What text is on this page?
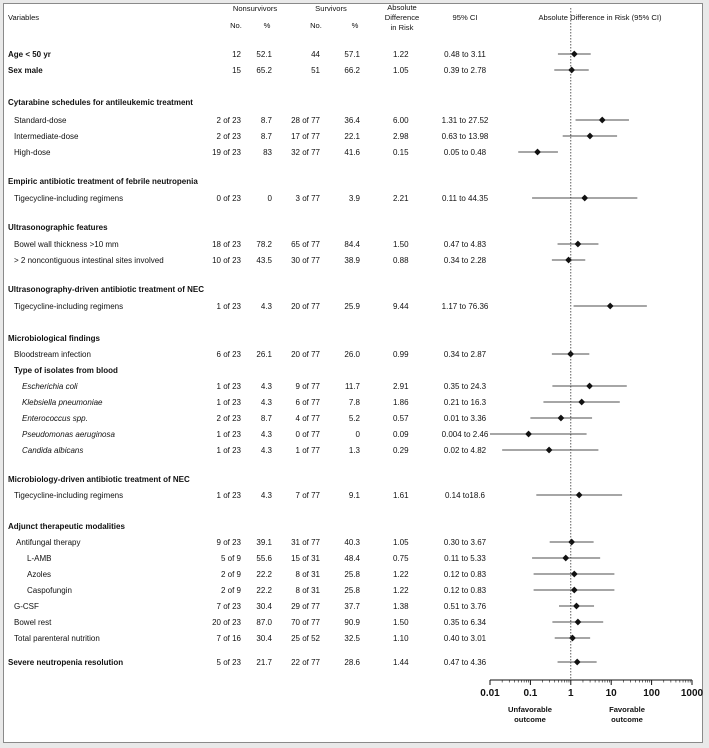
Variables
Nonsurvivors
No.	%
Survivors
No.	%
Absolute
Difference
in Risk
95% CI	Absolute Difference in Risk (95% CI)
Age < 50 yr	12 52.1	44	57.1	1.22	0.48 to 3.11
Sex male	15 65.2	51	66.2	1.05	0.39 to 2.78
Cytarabine schedules for antileukemic treatment
Standard-dose	2 of 23 8.7 28 of 77	36.4	6.00	1.31 to 27.52
Intermediate-dose	2 of 23 8.7 17 of 77	22.1	2.98	0.63 to 13.98
High-dose	19 of 23	83 32 of 77	41.6	0.15	0.05 to 0.48
Empiric antibiotic treatment of febrile neutropenia
Tigecycline-including regimens	0 of 23	0	3 of 77	3.9	2.21	0.11 to 44.35
Ultrasonographic features
Bowel wall thickness >10 mm	18 of 23 78.2 65 of 77	84.4	1.50	0.47 to 4.83
> 2 noncontiguous intestinal sites involved	10 of 23 43.5 30 of 77	38.9	0.88	0.34 to 2.28
Ultrasonography-driven antibiotic treatment of NEC
Tigecycline-including regimens	1 of 23 4.3 20 of 77	25.9	9.44	1.17 to 76.36
Microbiological findings
Bloodstream infection	6 of 23 26.1 20 of 77	26.0	0.99	0.34 to 2.87
Type of isolates from blood
Escherichia coli	1 of 23 4.3	9 of 77	11.7	2.91	0.35 to 24.3
Klebsiella pneumoniae	1 of 23 4.3	6 of 77	7.8	1.86	0.21 to 16.3
Enterococcus spp.	2 of 23 8.7	4 of 77	5.2	0.57	0.01 to 3.36
Pseudomonas aeruginosa	1 of 23 4.3	0 of 77	0	0.09	0.004 to 2.46
Candida albicans	1 of 23 4.3	1 of 77	1.3	0.29	0.02 to 4.82
Microbiology-driven antibiotic treatment of NEC
Tigecycline-including regimens	1 of 23 4.3	7 of 77	9.1	1.61	0.14 to18.6
Adjunct therapeutic modalities
Antifungal therapy	9 of 23 39.1 31 of 77	40.3	1.05	0.30 to 3.67
L-AMB	5 of 9 55.6 15 of 31	48.4	0.75	0.11 to 5.33
Azoles	2 of 9 22.2	8 of 31	25.8	1.22	0.12 to 0.83
Caspofungin	2 of 9 22.2	8 of 31	25.8	1.22	0.12 to 0.83
G-CSF	7 of 23 30.4 29 of 77	37.7	1.38	0.51 to 3.76
Bowel rest	20 of 23 87.0 70 of 77	90.9	1.50	0.35 to 6.34
Total parenteral nutrition	7 of 16 30.4 25 of 52	32.5	1.10	0.40 to 3.01
Severe neutropenia resolution	5 of 23 21.7 22 of 77	28.6	1.44	0.47 to 4.36
0.01 0.1	1	10	100 1000
Unfavorable
outcome
Favorable
outcome
